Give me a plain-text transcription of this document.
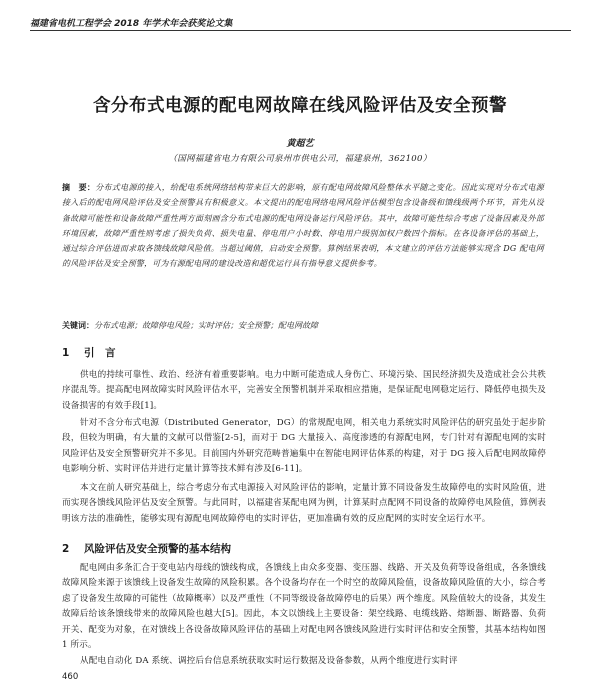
福建省电机工程学会 2018 年学术年会获奖论文集
含分布式电源的配电网故障在线风险评估及安全预警
黄超艺
（国网福建省电力有限公司泉州市供电公司，福建泉州，362100）
摘　要：分布式电源的接入，给配电系统网络结构带来巨大的影响，原有配电网故障风险整体水平随之变化。因此实现对分布式电源接入后的配电网风险评估及安全预警具有积极意义。本文提出的配电网络电网风险评估模型包含设备级和馈线级两个环节，首先从设备故障可能性和设备故障严重性两方面刻画含分布式电源的配电网设备运行风险评估。其中，故障可能性综合考虑了设备因素及外部环境因素，故障严重性则考虑了损失负荷、损失电量、停电用户小时数、停电用户级别加权户数四个指标。在各设备评估的基础上，通过综合评估进而求取各馈线故障风险值。当超过阈值，启动安全预警。算例结果表明，本文建立的评估方法能够实现含 DG 配电网的风险评估及安全预警，可为有源配电网的建设改造和超优运行具有指导意义提供参考。
关键词：分布式电源；故障停电风险；实时评估；安全预警；配电网故障
1 引　言
供电的持续可靠性、政治、经济有着重要影响。电力中断可能造成人身伤亡、环境污染、国民经济损失及造成社会公共秩序混乱等。提高配电网故障实时风险评估水平，完善安全预警机制并采取相应措施，是保证配电网稳定运行、降低停电损失及设备损害的有效手段[1]。
针对不含分布式电源（Distributed Generator，DG）的常规配电网，相关电力系统实时风险评估的研究虽处于起步阶段，但较为明确，有大量的文献可以借鉴[2-5]，而对于 DG 大量接入、高度渗透的有源配电网，专门针对有源配电网的实时风险评估及安全预警研究并不多见。目前国内外研究范畴普遍集中在智能电网评估体系的构建，对于 DG 接入后配电网故障停电影响分析、实时评估并进行定量计算等技术鲜有涉及[6-11]。
本文在前人研究基础上，综合考虑分布式电源接入对风险评估的影响，定量计算不同设备发生故障停电的实时风险值，进而实现各馈线风险评估及安全预警。与此同时，以福建省某配电网为例，计算某时点配网不同设备的故障停电风险值，算例表明该方法的准确性，能够实现有源配电网故障停电的实时评估，更加准确有效的反应配网的实时安全运行水平。
2 风险评估及安全预警的基本结构
配电网由多条汇合于变电站内母线的馈线构成，各馈线上由众多变器、变压器、线路、开关及负荷等设备组成，各条馈线故障风险来源于该馈线上设备发生故障的风险积累。各个设备均存在一个时空的故障风险值，设备故障风险值的大小，综合考虑了设备发生故障的可能性（故障概率）以及严重性（不同等级设备故障停电的后果）两个维度。风险值较大的设备，其发生故障后给该条馈线带来的故障风险也越大[5]。因此，本文以馈线上主要设备：架空线路、电缆线路、熔断器、断路器、负荷开关、配变为对象，在对馈线上各设备故障风险评估的基础上对配电网各馈线风险进行实时评估和安全预警，其基本结构如图 1 所示。
从配电自动化 DA 系统、调控后台信息系统获取实时运行数据及设备参数，从两个维度进行实时评
460
